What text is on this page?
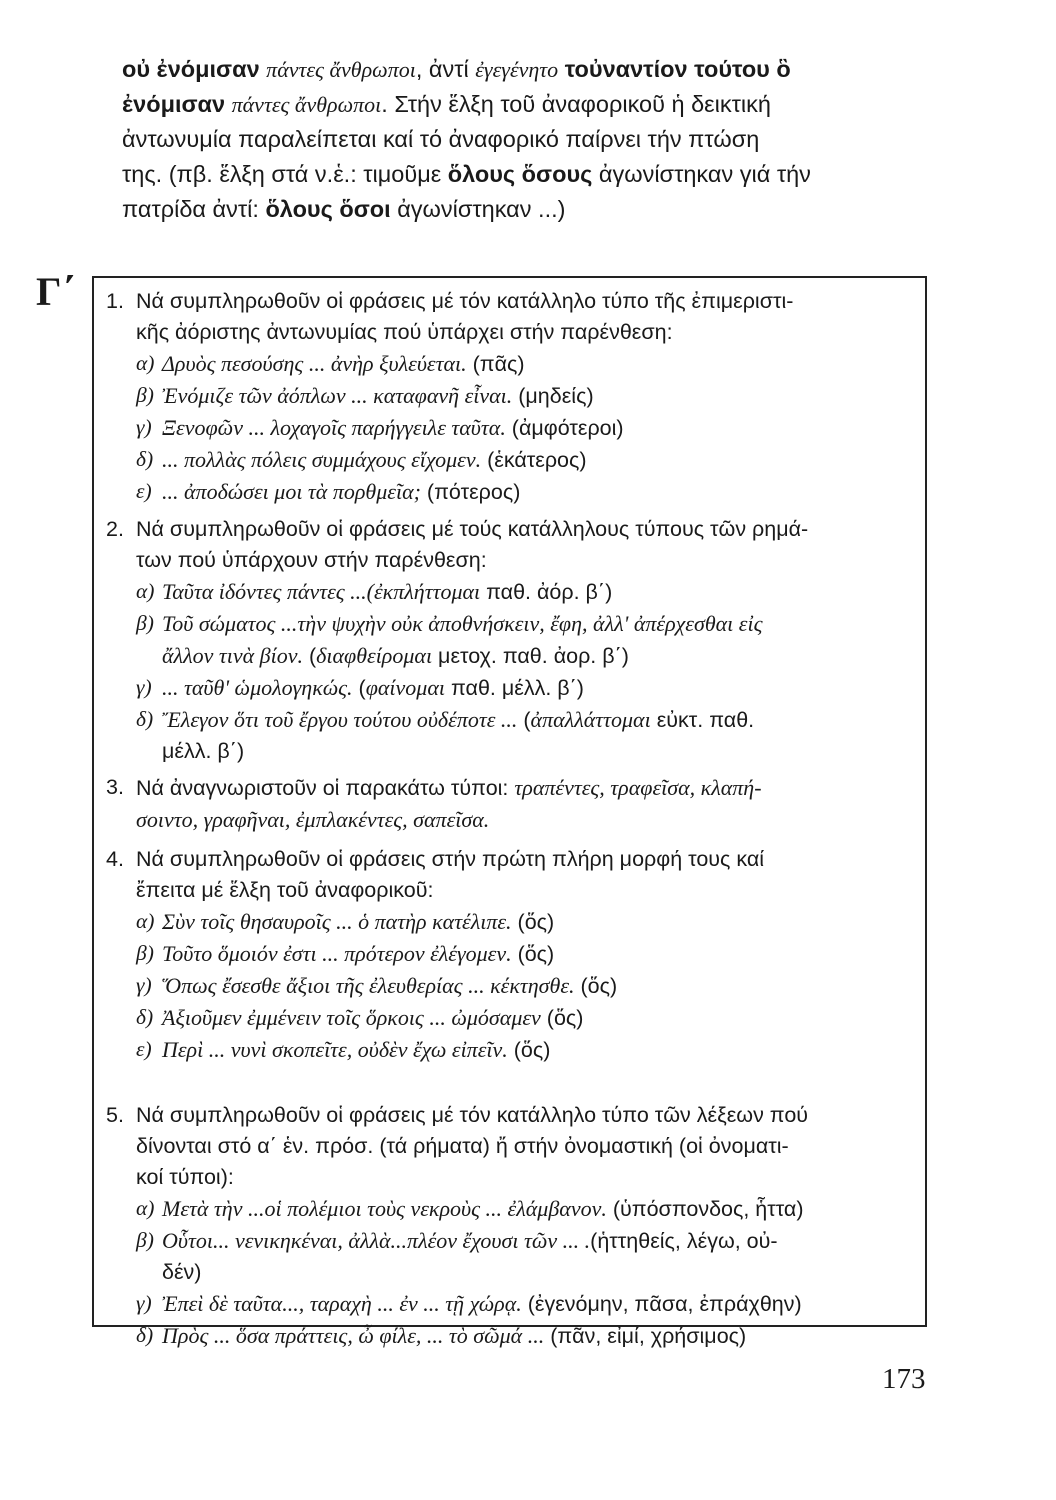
οὐ ἐνόμισαν πάντες ἄνθρωποι, ἀντί ἐγεγένητο τοὐναντίον τούτου ὃ
ἐνόμισαν πάντες ἄνθρωποι. Στήν ἕλξη τοῦ ἀναφορικοῦ ἡ δεικτική
ἀντωνυμία παραλείπεται καί τό ἀναφορικό παίρνει τήν πτώση
της. (πβ. ἕλξη στά ν.ἑ.: τιμοῦμε ὅλους ὅσους ἀγωνίστηκαν γιά τήν
πατρίδα ἀντί: ὅλους ὅσοι ἀγωνίστηκαν ...)
Γ΄ 1. Νά συμπληρωθοῦν οἱ φράσεις μέ τόν κατάλληλο τύπο τῆς ἐπιμεριστι-
κῆς ἀόριστης ἀντωνυμίας πού ὑπάρχει στήν παρένθεση:
α) Δρυὸς πεσούσης ... ἀνὴρ ξυλεύεται. (πᾶς)
β) Ἐνόμιζε τῶν ἀόπλων ... καταφανῆ εἶναι. (μηδείς)
γ) Ξενοφῶν ... λοχαγοῖς παρήγγειλε ταῦτα. (ἀμφότεροι)
δ) ... πολλὰς πόλεις συμμάχους εἴχομεν. (ἑκάτερος)
ε) ... ἀποδώσει μοι τὰ πορθμεῖα; (πότερος)
2. Νά συμπληρωθοῦν οἱ φράσεις μέ τούς κατάλληλους τύπους τῶν ρημά-
των πού ὑπάρχουν στήν παρένθεση:
α) Ταῦτα ἰδόντες πάντες ...(ἐκπλήττομαι παθ. ἀόρ. β΄)
β) Τοῦ σώματος ...τὴν ψυχὴν οὐκ ἀποθνήσκειν, ἔφη, ἀλλ' ἀπέρχεσθαι εἰς
ἄλλον τινὰ βίον. (διαφθείρομαι μετοχ. παθ. ἀορ. β΄)
γ) ... ταῦθ' ὡμολογηκώς. (φαίνομαι παθ. μέλλ. β΄)
δ) Ἔλεγον ὅτι τοῦ ἔργου τούτου οὐδέποτε ... (ἀπαλλάττομαι εὐκτ. παθ.
μέλλ. β΄)
3. Νά ἀναγνωριστοῦν οἱ παρακάτω τύποι: τραπέντες, τραφεῖσα, κλαπή-
σοιντο, γραφῆναι, ἐμπλακέντες, σαπεῖσα.
4. Νά συμπληρωθοῦν οἱ φράσεις στήν πρώτη πλήρη μορφή τους καί
ἔπειτα μέ ἕλξη τοῦ ἀναφορικοῦ:
α) Σὺν τοῖς θησαυροῖς ... ὁ πατὴρ κατέλιπε. (ὅς)
β) Τοῦτο ὅμοιόν ἐστι ... πρότερον ἐλέγομεν. (ὅς)
γ) Ὅπως ἔσεσθε ἄξιοι τῆς ἐλευθερίας ... κέκτησθε. (ὅς)
δ) Ἀξιοῦμεν ἐμμένειν τοῖς ὅρκοις ... ὠμόσαμεν (ὅς)
ε) Περὶ ... νυνὶ σκοπεῖτε, οὐδὲν ἔχω εἰπεῖν. (ὅς)
5. Νά συμπληρωθοῦν οἱ φράσεις μέ τόν κατάλληλο τύπο τῶν λέξεων πού
δίνονται στό α΄ ἑν. πρόσ. (τά ρήματα) ἤ στήν ὀνομαστική (οἱ ὀνοματι-
κοί τύποι):
α) Μετὰ τὴν ...οἱ πολέμιοι τοὺς νεκροὺς ... ἐλάμβανον. (ὑπόσπονδος, ἧττα)
β) Οὗτοι... νενικηκέναι, ἀλλὰ...πλέον ἔχουσι τῶν ... .(ἡττηθείς, λέγω, οὐ-
δέν)
γ) Ἐπεὶ δὲ ταῦτα..., ταραχὴ ... ἐν ... τῇ χώρᾳ. (ἐγενόμην, πᾶσα, ἐπράχθην)
δ) Πρὸς ... ὅσα πράττεις, ὦ φίλε, ... τὸ σῶμά ... (πᾶν, εἰμί, χρήσιμος)
173
